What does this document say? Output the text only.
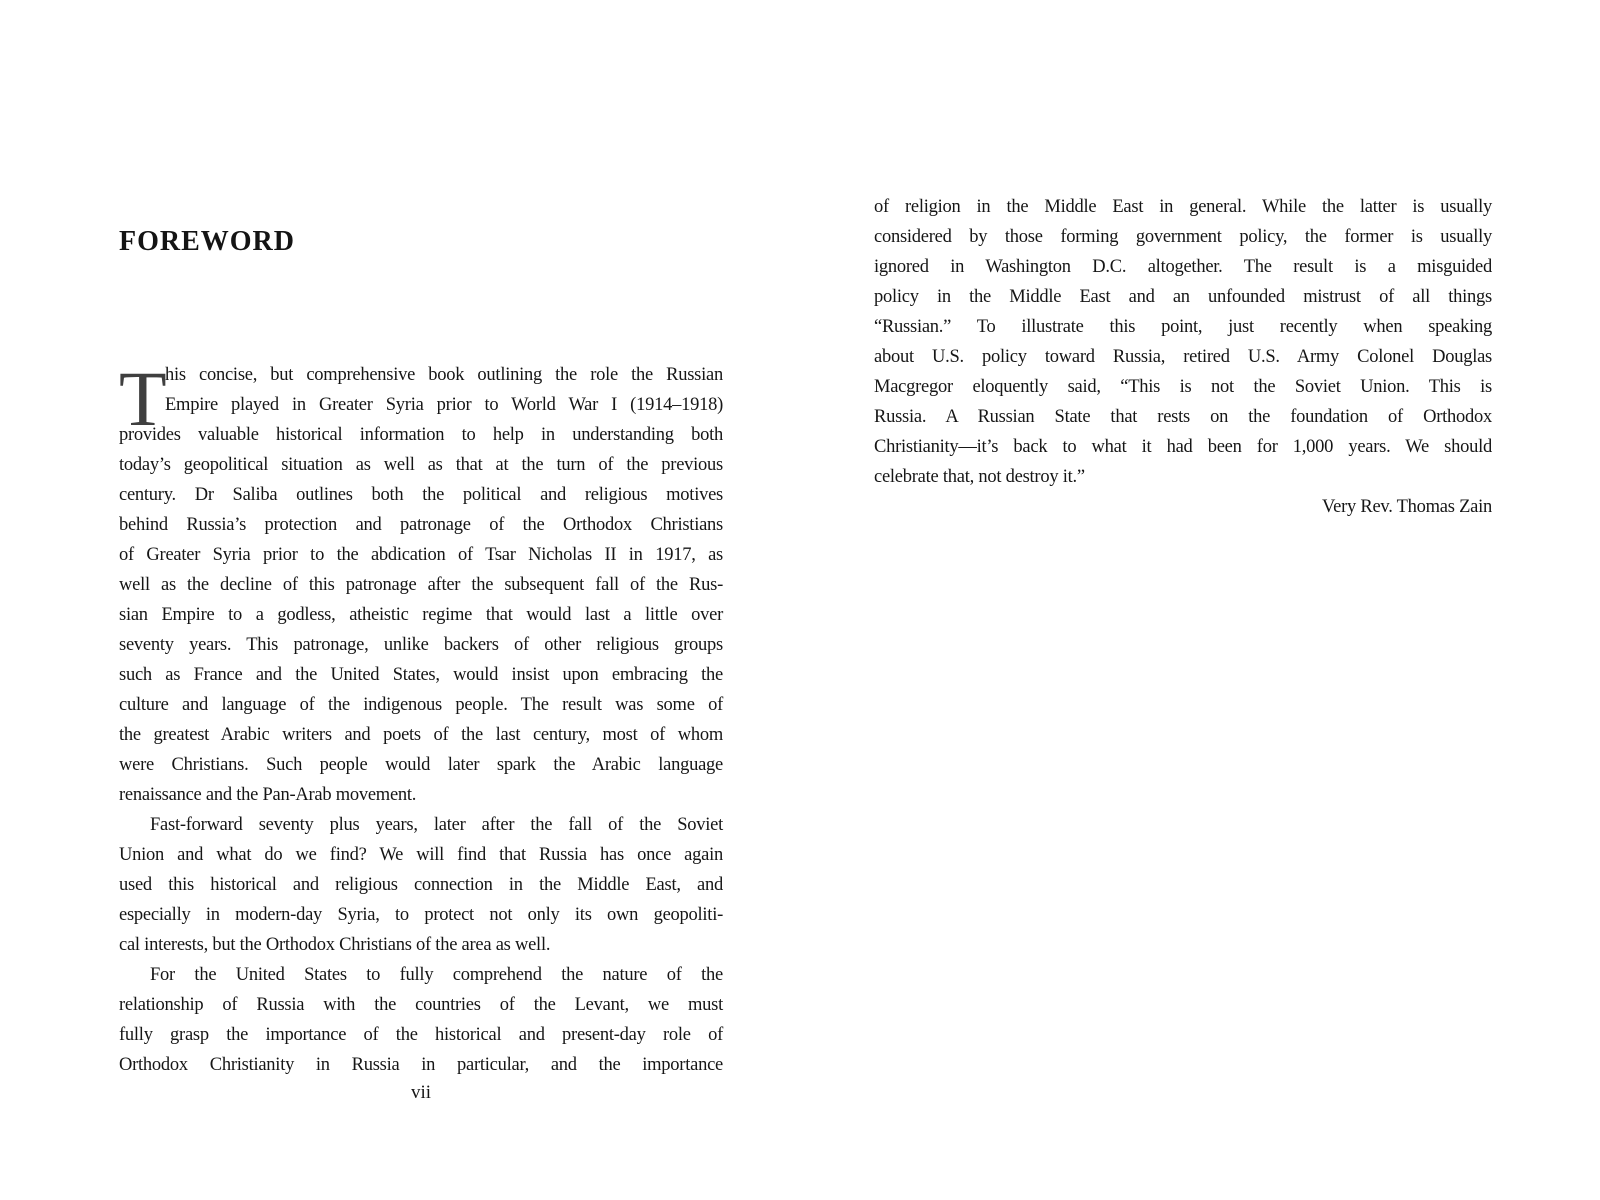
FOREWORD
T
his concise, but comprehensive book outlining the role the Russian
Empire played in Greater Syria prior to World War I (1914–1918)
provides valuable historical information to help in understanding both
today’s geopolitical situation as well as that at the turn of the previous
century. Dr Saliba outlines both the political and religious motives
behind Russia’s protection and patronage of the Orthodox Christians
of Greater Syria prior to the abdication of Tsar Nicholas II in 1917, as
well as the decline of this patronage after the subsequent fall of the Rus-
sian Empire to a godless, atheistic regime that would last a little over
seventy years. This patronage, unlike backers of other religious groups
such as France and the United States, would insist upon embracing the
culture and language of the indigenous people. The result was some of
the greatest Arabic writers and poets of the last century, most of whom
were Christians. Such people would later spark the Arabic language
renaissance and the Pan-Arab movement.
Fast-forward seventy plus years, later after the fall of the Soviet
Union and what do we find? We will find that Russia has once again
used this historical and religious connection in the Middle East, and
especially in modern-day Syria, to protect not only its own geopoliti-
cal interests, but the Orthodox Christians of the area as well.
For the United States to fully comprehend the nature of the
relationship of Russia with the countries of the Levant, we must
fully grasp the importance of the historical and present-day role of
Orthodox Christianity in Russia in particular, and the importance
vii
of religion in the Middle East in general. While the latter is usually
considered by those forming government policy, the former is usually
ignored in Washington D.C. altogether. The result is a misguided
policy in the Middle East and an unfounded mistrust of all things
“Russian.” To illustrate this point, just recently when speaking
about U.S. policy toward Russia, retired U.S. Army Colonel Douglas
Macgregor eloquently said, “This is not the Soviet Union. This is
Russia. A Russian State that rests on the foundation of Orthodox
Christianity—it’s back to what it had been for 1,000 years. We should
celebrate that, not destroy it.”
Very Rev. Thomas Zain
